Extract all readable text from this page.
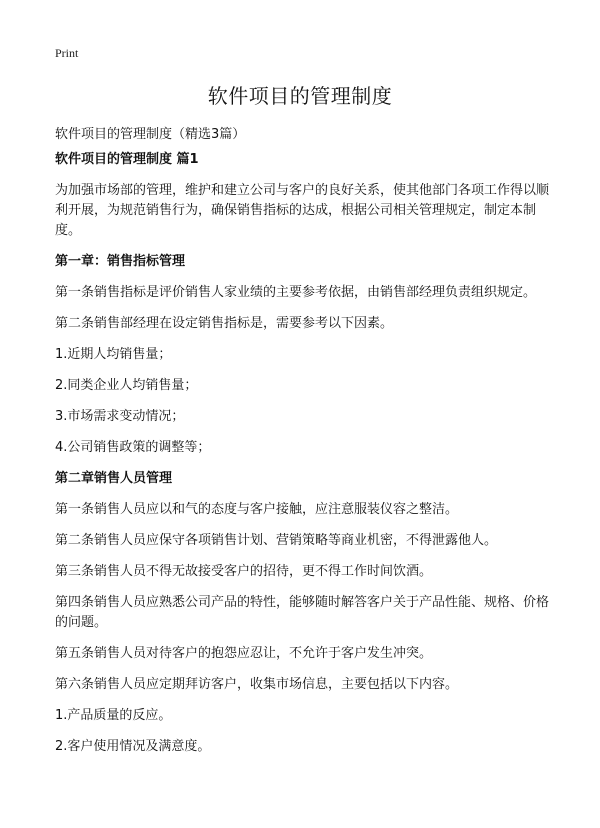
Print
软件项目的管理制度
软件项目的管理制度（精选3篇）

软件项目的管理制度 篇1

为加强市场部的管理，维护和建立公司与客户的良好关系，使其他部门各项工作得以顺利开展，为规范销售行为，确保销售指标的达成，根据公司相关管理规定，制定本制度。

第一章：销售指标管理

第一条销售指标是评价销售人家业绩的主要参考依据，由销售部经理负责组织规定。

第二条销售部经理在设定销售指标是，需要参考以下因素。

1.近期人均销售量；

2.同类企业人均销售量；

3.市场需求变动情况；

4.公司销售政策的调整等；

第二章销售人员管理

第一条销售人员应以和气的态度与客户接触，应注意服装仪容之整洁。

第二条销售人员应保守各项销售计划、营销策略等商业机密，不得泄露他人。

第三条销售人员不得无故接受客户的招待，更不得工作时间饮酒。

第四条销售人员应熟悉公司产品的特性，能够随时解答客户关于产品性能、规格、价格的问题。

第五条销售人员对待客户的抱怨应忍让，不允许于客户发生冲突。

第六条销售人员应定期拜访客户，收集市场信息，主要包括以下内容。

1.产品质量的反应。

2.客户使用情况及满意度。
